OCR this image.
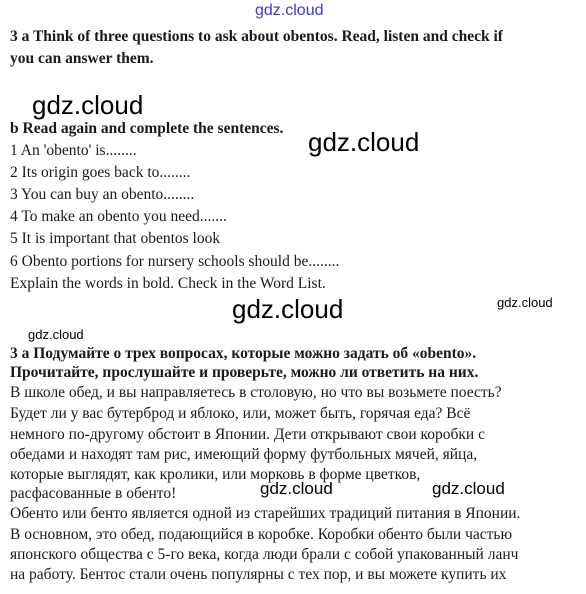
gdz.cloud
gdz.cloud
gdz.cloud
gdz.cloud	gdz.cloud
gdz.cloud
gdz.cloud	gdz.cloud
3 a Think of three questions to ask about obentos. Read, listen and check if
you can answer them.
b Read again and complete the sentences.
1 An 'obento' is........
2 Its origin goes back to........
3 You can buy an obento........
4 To make an obento you need.......
5 It is important that obentos look
6 Obento portions for nursery schools should be........
Explain the words in bold. Check in the Word List.
3 а Подумайте о трех вопросах, которые можно задать об «obento».
Прочитайте, прослушайте и проверьте, можно ли ответить на них.
В школе обед, и вы направляетесь в столовую, но что вы возьмете поесть?
Будет ли у вас бутерброд и яблоко, или, может быть, горячая еда? Всё
немного по-другому обстоит в Японии. Дети открывают свои коробки с
обедами и находят там рис, имеющий форму футбольных мячей, яйца,
которые выглядят, как кролики, или морковь в форме цветков,
расфасованные в обенто!
Обенто или бенто является одной из старейших традиций питания в Японии.
В основном, это обед, подающийся в коробке. Коробки обенто были частью
японского общества с 5-го века, когда люди брали с собой упакованный ланч
на работу. Бентос стали очень популярны с тех пор, и вы можете купить их
